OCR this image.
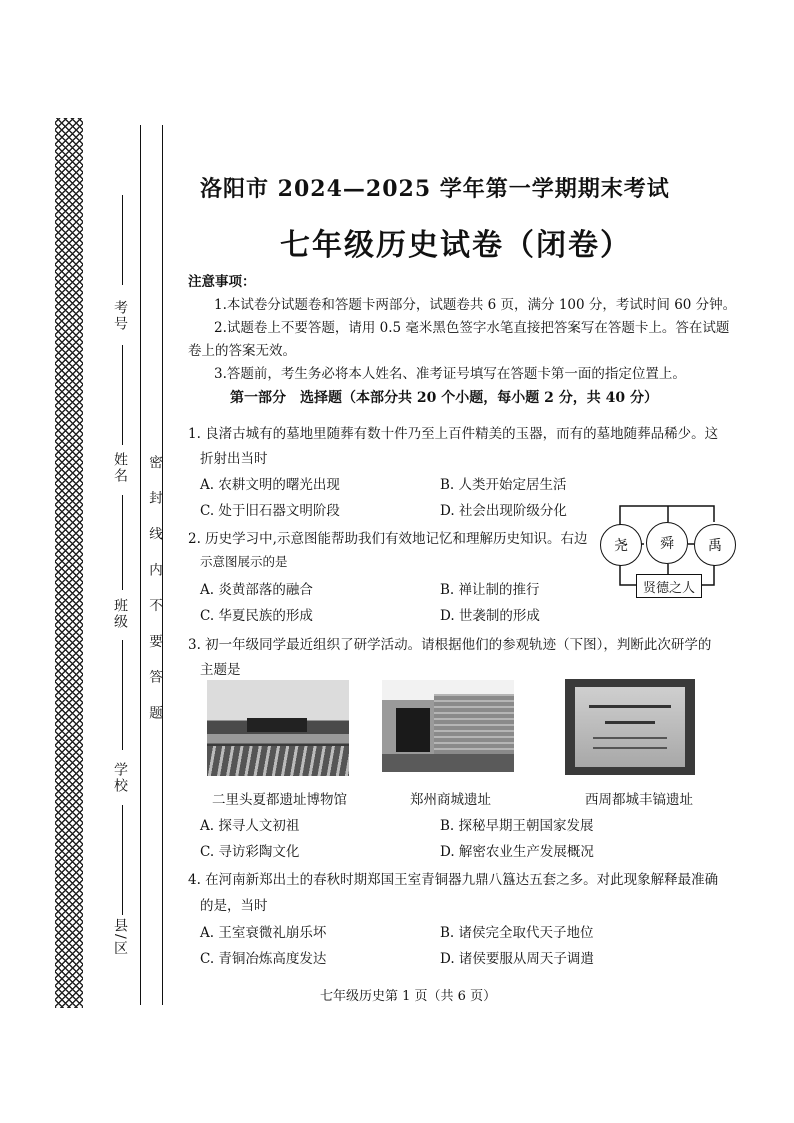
考号
姓名
班级
学校
县/区
密 封 线 内 不 要 答 题
洛阳市 2024—2025 学年第一学期期末考试
七年级历史试卷（闭卷）
注意事项：
1.本试卷分试题卷和答题卡两部分，试题卷共 6 页，满分 100 分，考试时间 60 分钟。
2.试题卷上不要答题，请用 0.5 毫米黑色签字水笔直接把答案写在答题卡上。答在试题
卷上的答案无效。
3.答题前，考生务必将本人姓名、准考证号填写在答题卡第一面的指定位置上。
第一部分　选择题（本部分共 20 个小题，每小题 2 分，共 40 分）
1. 良渚古城有的墓地里随葬有数十件乃至上百件精美的玉器，而有的墓地随葬品稀少。这
折射出当时
A. 农耕文明的曙光出现	B. 人类开始定居生活
C. 处于旧石器文明阶段	D. 社会出现阶级分化
2. 历史学习中,示意图能帮助我们有效地记忆和理解历史知识。右边
示意图展示的是
A. 炎黄部落的融合	B. 禅让制的推行
C. 华夏民族的形成	D. 世袭制的形成
尧	舜	禹
贤德之人
3. 初一年级同学最近组织了研学活动。请根据他们的参观轨迹（下图），判断此次研学的
主题是
二里头夏都遗址博物馆	郑州商城遗址	西周都城丰镐遗址
A. 探寻人文初祖	B. 探秘早期王朝国家发展
C. 寻访彩陶文化	D. 解密农业生产发展概况
4. 在河南新郑出土的春秋时期郑国王室青铜器九鼎八簋达五套之多。对此现象解释最准确
的是，当时
A. 王室衰微礼崩乐坏	B. 诸侯完全取代天子地位
C. 青铜冶炼高度发达	D. 诸侯要服从周天子调遣
七年级历史第 1 页（共 6 页）
